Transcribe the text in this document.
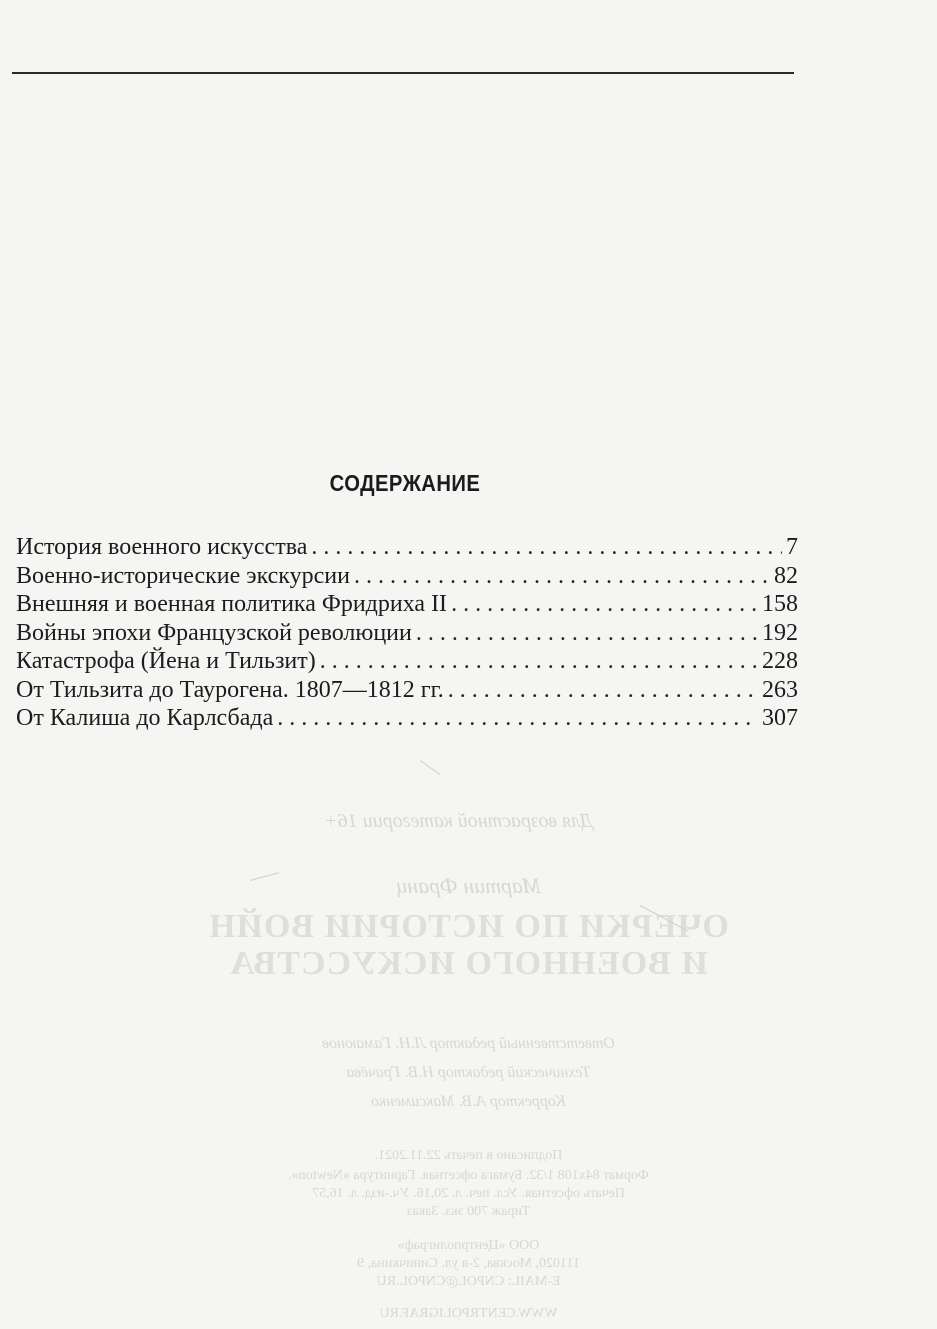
СОДЕРЖАНИЕ
История военного искусства . . .	7
Военно-исторические экскурсии . . .	82
Внешняя и военная политика Фридриха II . . .	158
Войны эпохи Французской революции . . .	192
Катастрофа (Йена и Тильзит) . . .	228
От Тильзита до Таурогена. 1807—1812 гг. . . .	263
От Калиша до Карлсбада . . .	307
Для возрастной категории 16+
Мартин Франц
ОЧЕРКИ ПО ИСТОРИИ ВОЙН
И ВОЕННОГО ИСКУССТВА
Ответственный редактор Л.Н. Гамаюнов
Технический редактор Н.В. Грачёва
Корректор А.В. Максименко
Подписано в печать 22.11.2021.
Формат 84x108 1/32. Бумага офсетная. Гарнитура «Newton».
Печать офсетная. Усл. печ. л. 20,16. Уч.-изд. л. 16,57
Тираж 700 экз. Заказ
ООО «Центрполиграф»
111020, Москва, 2-я ул. Синичкина, 9
E-MAIL: CNPOL@CNPOL.RU
WWW.CENTRPOLIGRAF.RU
